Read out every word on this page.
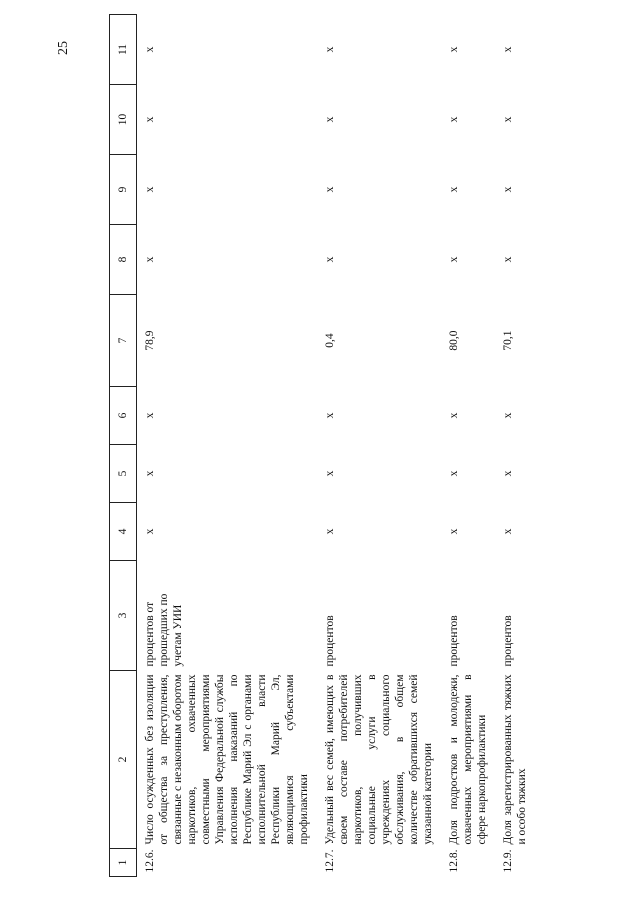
25
1	2	3	4	5	6	7	8	9	10	11
12.6.	Число осужденных без изоляции от общества за преступления, связанные с незаконным оборотом наркотиков, охваченных совместными мероприятиями Управления Федеральной службы исполнения наказаний по Республике Марий Эл с органами исполнительной власти Республики Марий Эл, являющимися субъектами профилактики	процентов от прошедших по учетам УИИ	х	х	х	78,9	х	х	х	х
12.7.	Удельный вес семей, имеющих в своем составе потребителей наркотиков, получивших социальные услуги в учреждениях социального обслуживания, в общем количестве обратившихся семей указанной категории	процентов	х	х	х	0,4	х	х	х	х
12.8.	Доля подростков и молодежи, охваченных мероприятиями в сфере наркопрофилактики	процентов	х	х	х	80,0	х	х	х	х
12.9.	Доля зарегистрированных тяжких и особо тяжких	процентов	х	х	х	70,1	х	х	х	х
